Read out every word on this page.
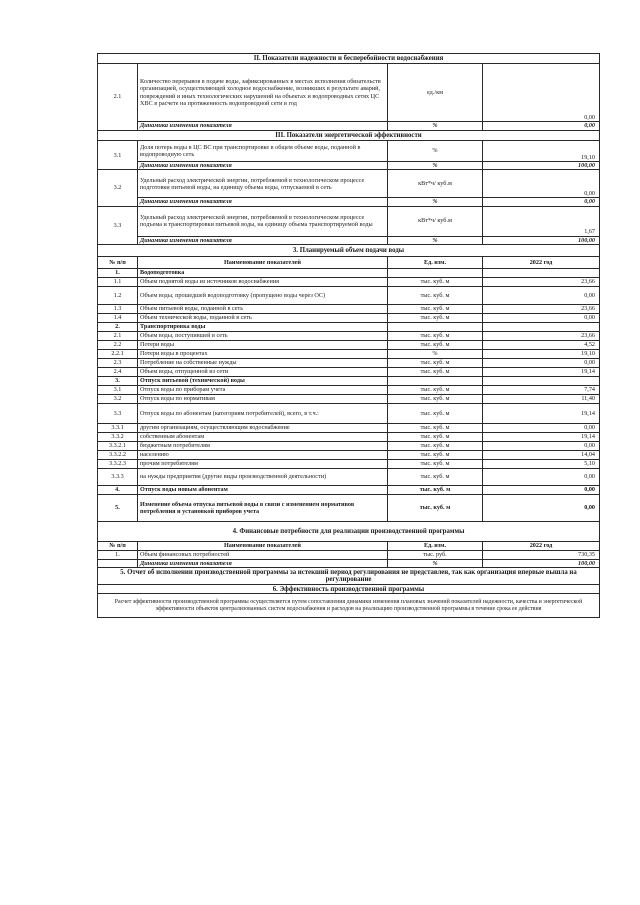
II. Показатели надежности и бесперебойности водоснабжения			
2.1	Количество перерывов в подаче воды, зафиксированных в местах исполнения обязательств организацией, осуществляющей холодное водоснабжение, возникших в результате аварий, повреждений и иных технологических нарушений на объектах и водопроводных сетях ЦС ХВС в расчете на протяженность водопроводной сети в год	ед./км	0,00
	Динамика изменения показателя	%	0,00
III. Показатели энергетической эффективности			
3.1	Доля потерь воды в ЦС ВС при транспортировке в общем объеме воды, поданной в водопроводную сеть	%	19,10
	Динамика изменения показателя	%	100,00
3.2	Удельный расход электрической энергии, потребляемой в технологическом процессе подготовки питьевой воды, на единицу объема воды, отпускаемой в сеть	кВт*ч/ куб.м	0,00
	Динамика изменения показателя	%	0,00
3.3	Удельный расход электрической энергии, потребляемой в технологическом процессе подъема и транспортировки питьевой воды, на единицу объема транспортируемой воды	кВт*ч/ куб.м	1,67
	Динамика изменения показателя	%	100,00
3. Планируемый объем подачи воды			
№ п/п	Наименование показателей	Ед. изм.	2022 год
1.	Водоподготовка		
1.1	Объем поднятой воды из источников водоснабжения	тыс. куб. м	23,66
1.2	Объем воды, прошедшей водоподготовку (пропущено воды через ОС)	тыс. куб. м	0,00
1.3	Объем питьевой воды, поданной в сеть	тыс. куб. м	23,66
1.4	Объем технической воды, поданной в сеть	тыс. куб. м	0,00
2.	Транспортировка воды		
2.1	Объем воды, поступившей в сеть	тыс. куб. м	23,66
2.2	Потери воды	тыс. куб. м	4,52
2.2.1	Потери воды в процентах	%	19,10
2.3	Потребление на собственные нужды	тыс. куб. м	0,00
2.4	Объем воды, отпущенной из сети	тыс. куб. м	19,14
3.	Отпуск питьевой (технической) воды		
3.1	Отпуск воды по приборам учета	тыс. куб. м	7,74
3.2	Отпуск воды по нормативам	тыс. куб. м	11,40
3.3	Отпуск воды по абонентам (категориям потребителей), всего, в т.ч.:	тыс. куб. м	19,14
3.3.1	другим организациям, осуществляющим водоснабжение	тыс. куб. м	0,00
3.3.2	собственным абонентам	тыс. куб. м	19,14
3.3.2.1	бюджетным потребителям	тыс. куб. м	0,00
3.3.2.2	населению	тыс. куб. м	14,04
3.3.2.3	прочим потребителям	тыс. куб. м	5,10
3.3.3	на нужды предприятия (другие виды производственной деятельности)	тыс. куб. м	0,00
4.	Отпуск воды новым абонентам	тыс. куб. м	0,00
5.	Изменение объема отпуска питьевой воды в связи с изменением нормативов потребления и установкой приборов учета	тыс. куб. м	0,00
4. Финансовые потребности для реализации производственной программы			
№ п/п	Наименование показателей	Ед. изм.	2022 год
1.	Объем финансовых потребностей	тыс. руб.	730,35
	Динамика изменения показателя	%	100,00
5. Отчет об исполнении производственной программы за истекший период регулирования не представлен, так как организация впервые вышла на регулирование			
6. Эффективность производственной программы			
Расчет эффективности производственной программы осуществляется путем сопоставления динамики изменения плановых значений показателей надежности, качества и энергетической эффективности объектов централизованных систем водоснабжения и расходов на реализацию производственной программы в течение срока ее действия			
